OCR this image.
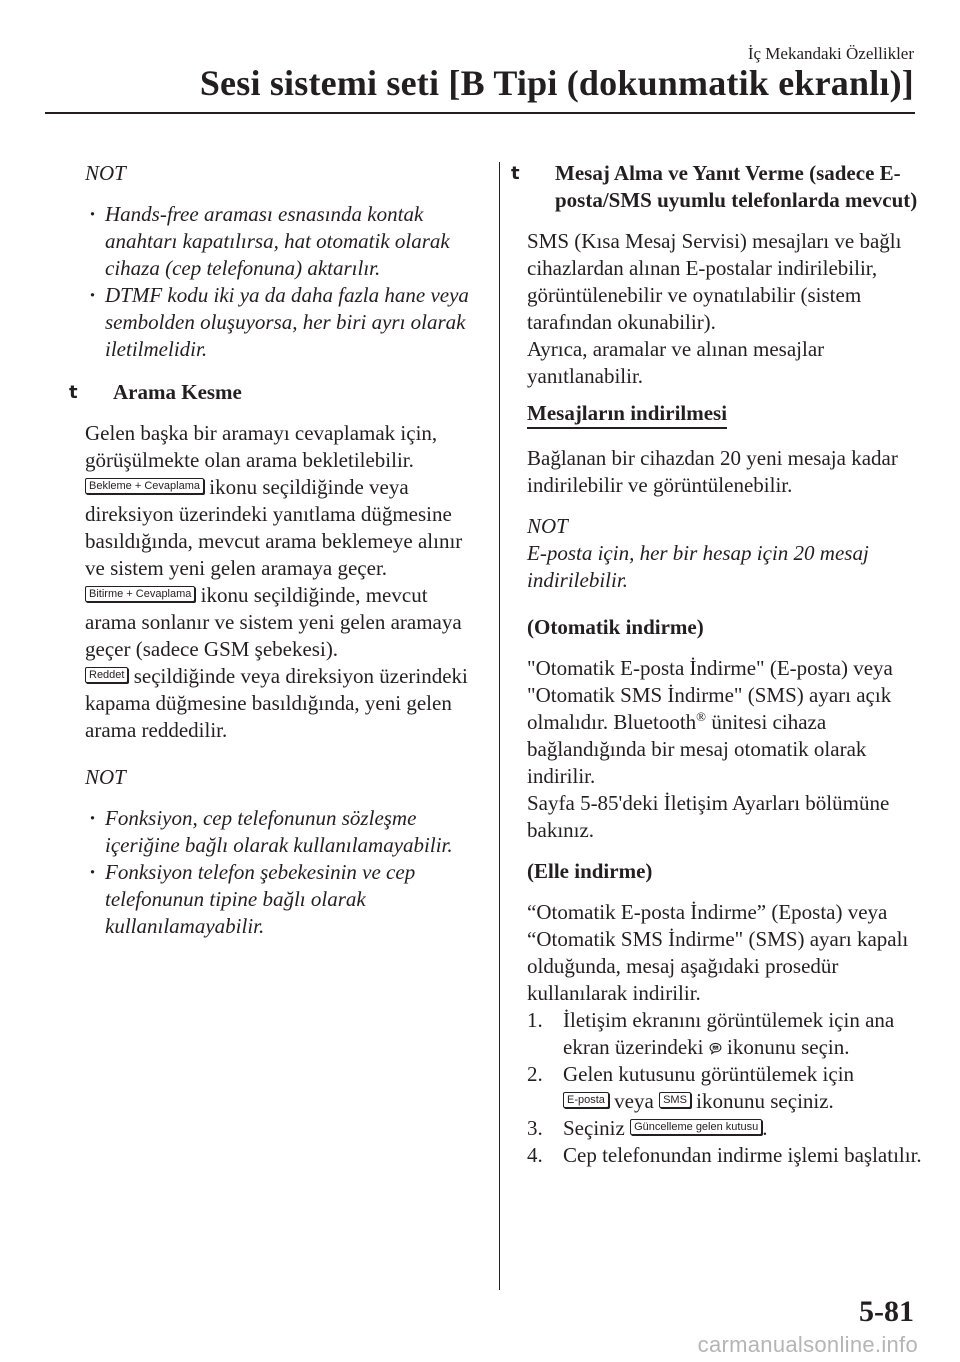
İç Mekandaki Özellikler
Sesi sistemi seti [B Tipi (dokunmatik ekranlı)]
NOT
· Hands-free araması esnasında kontak anahtarı kapatılırsa, hat otomatik olarak cihaza (cep telefonuna) aktarılır.
· DTMF kodu iki ya da daha fazla hane veya sembolden oluşuyorsa, her biri ayrı olarak iletilmelidir.
t Arama Kesme

Gelen başka bir aramayı cevaplamak için, görüşülmekte olan arama bekletilebilir.
Bekleme + Cevaplama ikonu seçildiğinde veya direksiyon üzerindeki yanıtlama düğmesine basıldığında, mevcut arama beklemeye alınır ve sistem yeni gelen aramaya geçer.
Bitirme + Cevaplama ikonu seçildiğinde, mevcut arama sonlanır ve sistem yeni gelen aramaya geçer (sadece GSM şebekesi).
Reddet seçildiğinde veya direksiyon üzerindeki kapama düğmesine basıldığında, yeni gelen arama reddedilir.

NOT
· Fonksiyon, cep telefonunun sözleşme içeriğine bağlı olarak kullanılamayabilir.
· Fonksiyon telefon şebekesinin ve cep telefonunun tipine bağlı olarak kullanılamayabilir.
t Mesaj Alma ve Yanıt Verme (sadece E-posta/SMS uyumlu telefonlarda mevcut)

SMS (Kısa Mesaj Servisi) mesajları ve bağlı cihazlardan alınan E-postalar indirilebilir, görüntülenebilir ve oynatılabilir (sistem tarafından okunabilir).
Ayrıca, aramalar ve alınan mesajlar yanıtlanabilir.

Mesajların indirilmesi

Bağlanan bir cihazdan 20 yeni mesaja kadar indirilebilir ve görüntülenebilir.

NOT

E-posta için, her bir hesap için 20 mesaj indirilebilir.

(Otomatik indirme)

"Otomatik E-posta İndirme" (E-posta) veya "Otomatik SMS İndirme" (SMS) ayarı açık olmalıdır. Bluetooth® ünitesi cihaza bağlandığında bir mesaj otomatik olarak indirilir.
Sayfa 5-85'deki İletişim Ayarları bölümüne bakınız.

(Elle indirme)

“Otomatik E-posta İndirme” (Eposta) veya “Otomatik SMS İndirme" (SMS) ayarı kapalı olduğunda, mesaj aşağıdaki prosedür kullanılarak indirilir.

1. İletişim ekranını görüntülemek için ana ekran üzerindeki ikonunu seçin.
2. Gelen kutusunu görüntülemek için
E-posta veya SMS ikonunu seçiniz.
3. Seçiniz Güncelleme gelen kutusu .
4. Cep telefonundan indirme işlemi başlatılır.
5-81
carmanualsonline.info
